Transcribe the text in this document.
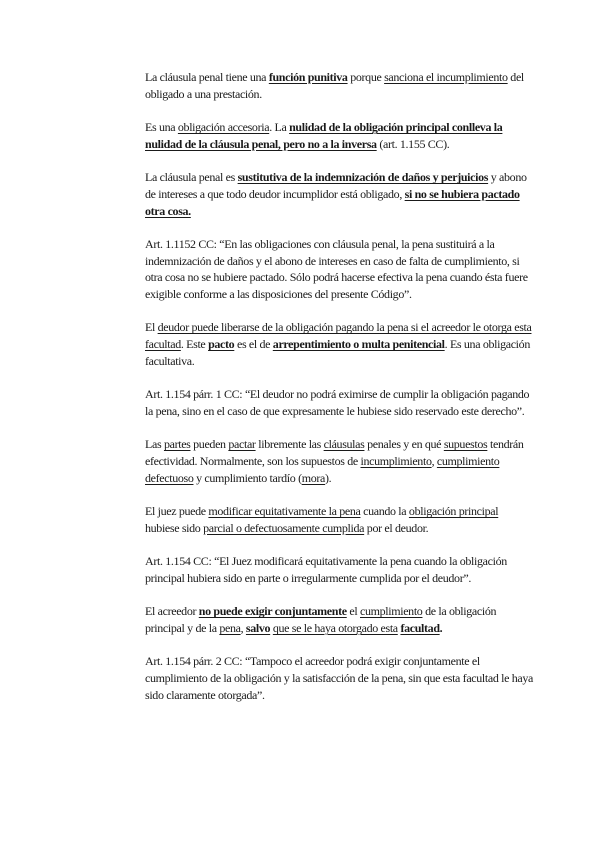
La cláusula penal tiene una función punitiva porque sanciona el incumplimiento del obligado a una prestación.

Es una obligación accesoria. La nulidad de la obligación principal conlleva la nulidad de la cláusula penal, pero no a la inversa (art. 1.155 CC).

La cláusula penal es sustitutiva de la indemnización de daños y perjuicios y abono de intereses a que todo deudor incumplidor está obligado, si no se hubiera pactado otra cosa.

Art. 1.1152 CC: “En las obligaciones con cláusula penal, la pena sustituirá a la indemnización de daños y el abono de intereses en caso de falta de cumplimiento, si otra cosa no se hubiere pactado. Sólo podrá hacerse efectiva la pena cuando ésta fuere exigible conforme a las disposiciones del presente Código”.

El deudor puede liberarse de la obligación pagando la pena si el acreedor le otorga esta facultad. Este pacto es el de arrepentimiento o multa penitencial. Es una obligación facultativa.

Art. 1.154 párr. 1 CC: “El deudor no podrá eximirse de cumplir la obligación pagando la pena, sino en el caso de que expresamente le hubiese sido reservado este derecho”.

Las partes pueden pactar libremente las cláusulas penales y en qué supuestos tendrán efectividad. Normalmente, son los supuestos de incumplimiento, cumplimiento defectuoso y cumplimiento tardío (mora).

El juez puede modificar equitativamente la pena cuando la obligación principal hubiese sido parcial o defectuosamente cumplida por el deudor.

Art. 1.154 CC: “El Juez modificará equitativamente la pena cuando la obligación principal hubiera sido en parte o irregularmente cumplida por el deudor”.

El acreedor no puede exigir conjuntamente el cumplimiento de la obligación principal y de la pena, salvo que se le haya otorgado esta facultad.

Art. 1.154 párr. 2 CC: “Tampoco el acreedor podrá exigir conjuntamente el cumplimiento de la obligación y la satisfacción de la pena, sin que esta facultad le haya sido claramente otorgada”.
